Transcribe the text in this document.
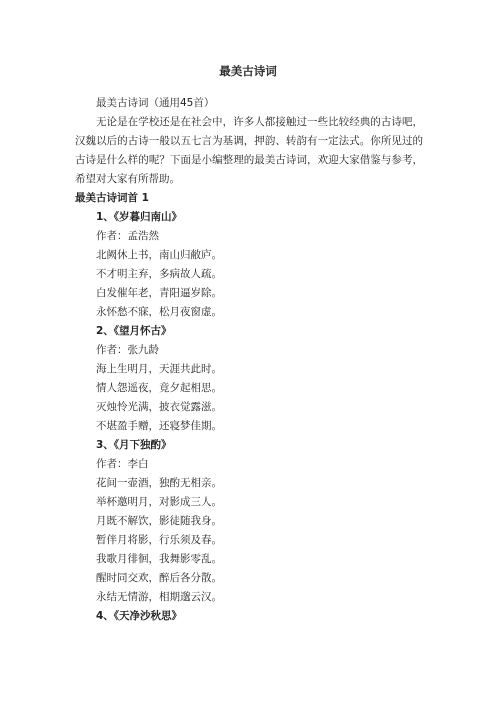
最美古诗词
最美古诗词（通用45首）

无论是在学校还是在社会中，许多人都接触过一些比较经典的古诗吧，汉魏以后的古诗一般以五七言为基调，押韵、转韵有一定法式。你所见过的古诗是什么样的呢？下面是小编整理的最美古诗词，欢迎大家借鉴与参考，希望对大家有所帮助。

最美古诗词首 1
1、《岁暮归南山》
作者：孟浩然
北阙休上书，南山归敝庐。
不才明主弃，多病故人疏。
白发催年老，青阳逼岁除。
永怀愁不寐，松月夜窗虚。
2、《望月怀古》
作者：张九龄
海上生明月，天涯共此时。
情人怨遥夜，竟夕起相思。
灭烛怜光满，披衣觉露滋。
不堪盈手赠，还寝梦佳期。
3、《月下独酌》
作者：李白
花间一壶酒，独酌无相亲。
举杯邀明月，对影成三人。
月既不解饮，影徒随我身。
暂伴月将影，行乐须及春。
我歌月徘徊，我舞影零乱。
醒时同交欢，醉后各分散。
永结无情游，相期邈云汉。
4、《天净沙秋思》
